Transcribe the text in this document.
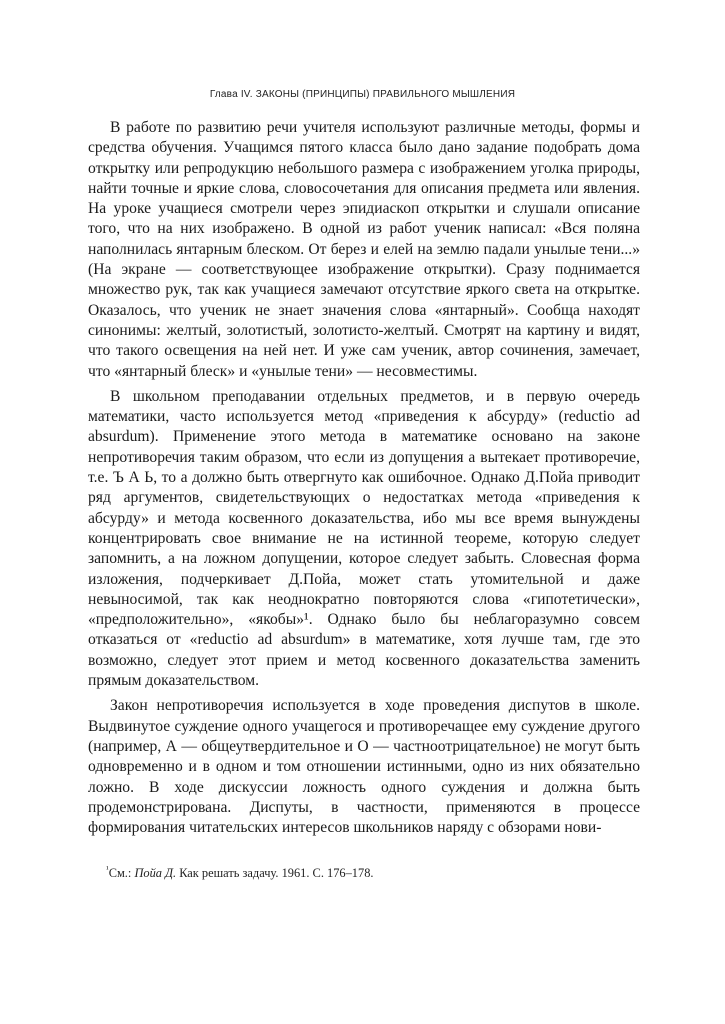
Глава IV. ЗАКОНЫ (ПРИНЦИПЫ) ПРАВИЛЬНОГО МЫШЛЕНИЯ

В работе по развитию речи учителя используют различные методы, формы и средства обучения. Учащимся пятого класса было дано задание подобрать дома открытку или репродукцию небольшого размера с изображением уголка природы, найти точные и яркие слова, словосочетания для описания предмета или явления. На уроке учащиеся смотрели через эпидиаскоп открытки и слушали описание того, что на них изображено. В одной из работ ученик написал: «Вся поляна наполнилась янтарным блеском. От берез и елей на землю падали унылые тени...» (На экране — соответствующее изображение открытки). Сразу поднимается множество рук, так как учащиеся замечают отсутствие яркого света на открытке. Оказалось, что ученик не знает значения слова «янтарный». Сообща находят синонимы: желтый, золотистый, золотисто-желтый. Смотрят на картину и видят, что такого освещения на ней нет. И уже сам ученик, автор сочинения, замечает, что «янтарный блеск» и «унылые тени» — несовместимы.

В школьном преподавании отдельных предметов, и в первую очередь математики, часто используется метод «приведения к абсурду» (reductio ad absurdum). Применение этого метода в математике основано на законе непротиворечия таким образом, что если из допущения а вытекает противоречие, т.е. Ъ А Ь, то а должно быть отвергнуто как ошибочное. Однако Д.Пойа приводит ряд аргументов, свидетельствующих о недостатках метода «приведения к абсурду» и метода косвенного доказательства, ибо мы все время вынуждены концентрировать свое внимание не на истинной теореме, которую следует запомнить, а на ложном допущении, которое следует забыть. Словесная форма изложения, подчеркивает Д.Пойа, может стать утомительной и даже невыносимой, так как неоднократно повторяются слова «гипотетически», «предположительно», «якобы»¹. Однако было бы неблагоразумно совсем отказаться от «reductio ad absurdum» в математике, хотя лучше там, где это возможно, следует этот прием и метод косвенного доказательства заменить прямым доказательством.

Закон непротиворечия используется в ходе проведения диспутов в школе. Выдвинутое суждение одного учащегося и противоречащее ему суждение другого (например, А — общеутвердительное и О — частноотрицательное) не могут быть одновременно и в одном и том отношении истинными, одно из них обязательно ложно. В ходе дискуссии ложность одного суждения и должна быть продемонстрирована. Диспуты, в частности, применяются в процессе формирования читательских интересов школьников наряду с обзорами нови-

$^{^1}$См.: Пойа Д. Как решать задачу. 1961. С. 176–178.
